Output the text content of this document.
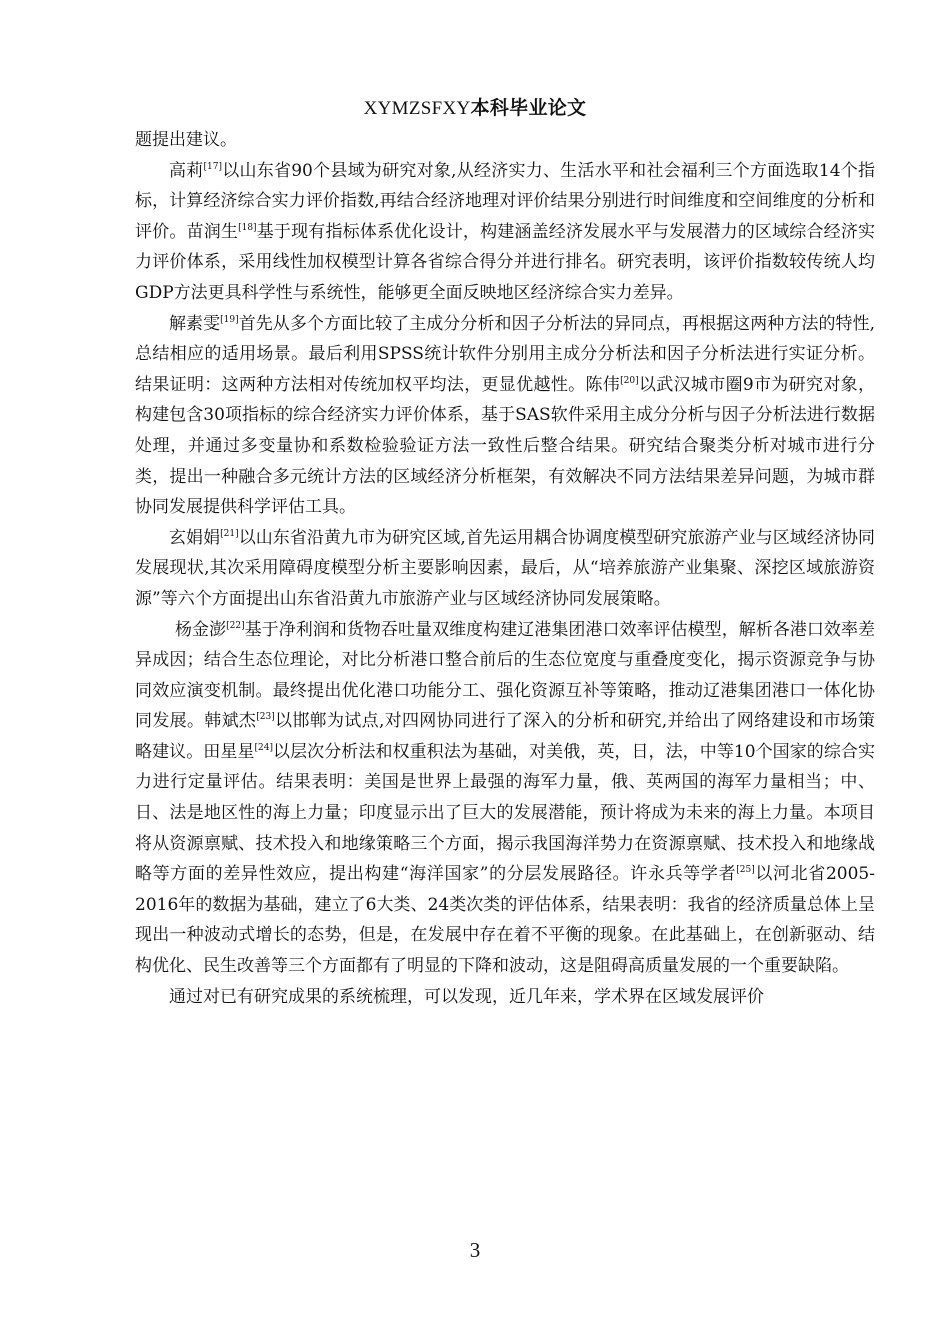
XYMZSFXY本科毕业论文

题提出建议。

高莉[17]以山东省90个县域为研究对象,从经济实力、生活水平和社会福利三个方面选取14个指标，计算经济综合实力评价指数,再结合经济地理对评价结果分别进行时间维度和空间维度的分析和评价。苗润生[18]基于现有指标体系优化设计，构建涵盖经济发展水平与发展潜力的区域综合经济实力评价体系，采用线性加权模型计算各省综合得分并进行排名。研究表明，该评价指数较传统人均GDP方法更具科学性与系统性，能够更全面反映地区经济综合实力差异。

解素雯[19]首先从多个方面比较了主成分分析和因子分析法的异同点，再根据这两种方法的特性,总结相应的适用场景。最后利用SPSS统计软件分别用主成分分析法和因子分析法进行实证分析。结果证明：这两种方法相对传统加权平均法，更显优越性。陈伟[20]以武汉城市圈9市为研究对象，构建包含30项指标的综合经济实力评价体系，基于SAS软件采用主成分分析与因子分析法进行数据处理，并通过多变量协和系数检验验证方法一致性后整合结果。研究结合聚类分析对城市进行分类，提出一种融合多元统计方法的区域经济分析框架，有效解决不同方法结果差异问题，为城市群协同发展提供科学评估工具。

玄娟娟[21]以山东省沿黄九市为研究区域,首先运用耦合协调度模型研究旅游产业与区域经济协同发展现状,其次采用障碍度模型分析主要影响因素，最后，从“培养旅游产业集聚、深挖区域旅游资源”等六个方面提出山东省沿黄九市旅游产业与区域经济协同发展策略。

杨金澎[22]基于净利润和货物吞吐量双维度构建辽港集团港口效率评估模型，解析各港口效率差异成因；结合生态位理论，对比分析港口整合前后的生态位宽度与重叠度变化，揭示资源竞争与协同效应演变机制。最终提出优化港口功能分工、强化资源互补等策略，推动辽港集团港口一体化协同发展。韩斌杰[23]以邯郸为试点,对四网协同进行了深入的分析和研究,并给出了网络建设和市场策略建议。田星星[24]以层次分析法和权重积法为基础，对美俄，英，日，法，中等10个国家的综合实力进行定量评估。结果表明：美国是世界上最强的海军力量，俄、英两国的海军力量相当；中、日、法是地区性的海上力量；印度显示出了巨大的发展潜能，预计将成为未来的海上力量。本项目将从资源禀赋、技术投入和地缘策略三个方面，揭示我国海洋势力在资源禀赋、技术投入和地缘战略等方面的差异性效应，提出构建“海洋国家”的分层发展路径。许永兵等学者[25]以河北省2005-2016年的数据为基础，建立了6大类、24类次类的评估体系，结果表明：我省的经济质量总体上呈现出一种波动式增长的态势，但是，在发展中存在着不平衡的现象。在此基础上，在创新驱动、结构优化、民生改善等三个方面都有了明显的下降和波动，这是阻碍高质量发展的一个重要缺陷。

通过对已有研究成果的系统梳理，可以发现，近几年来，学术界在区域发展评价

3
